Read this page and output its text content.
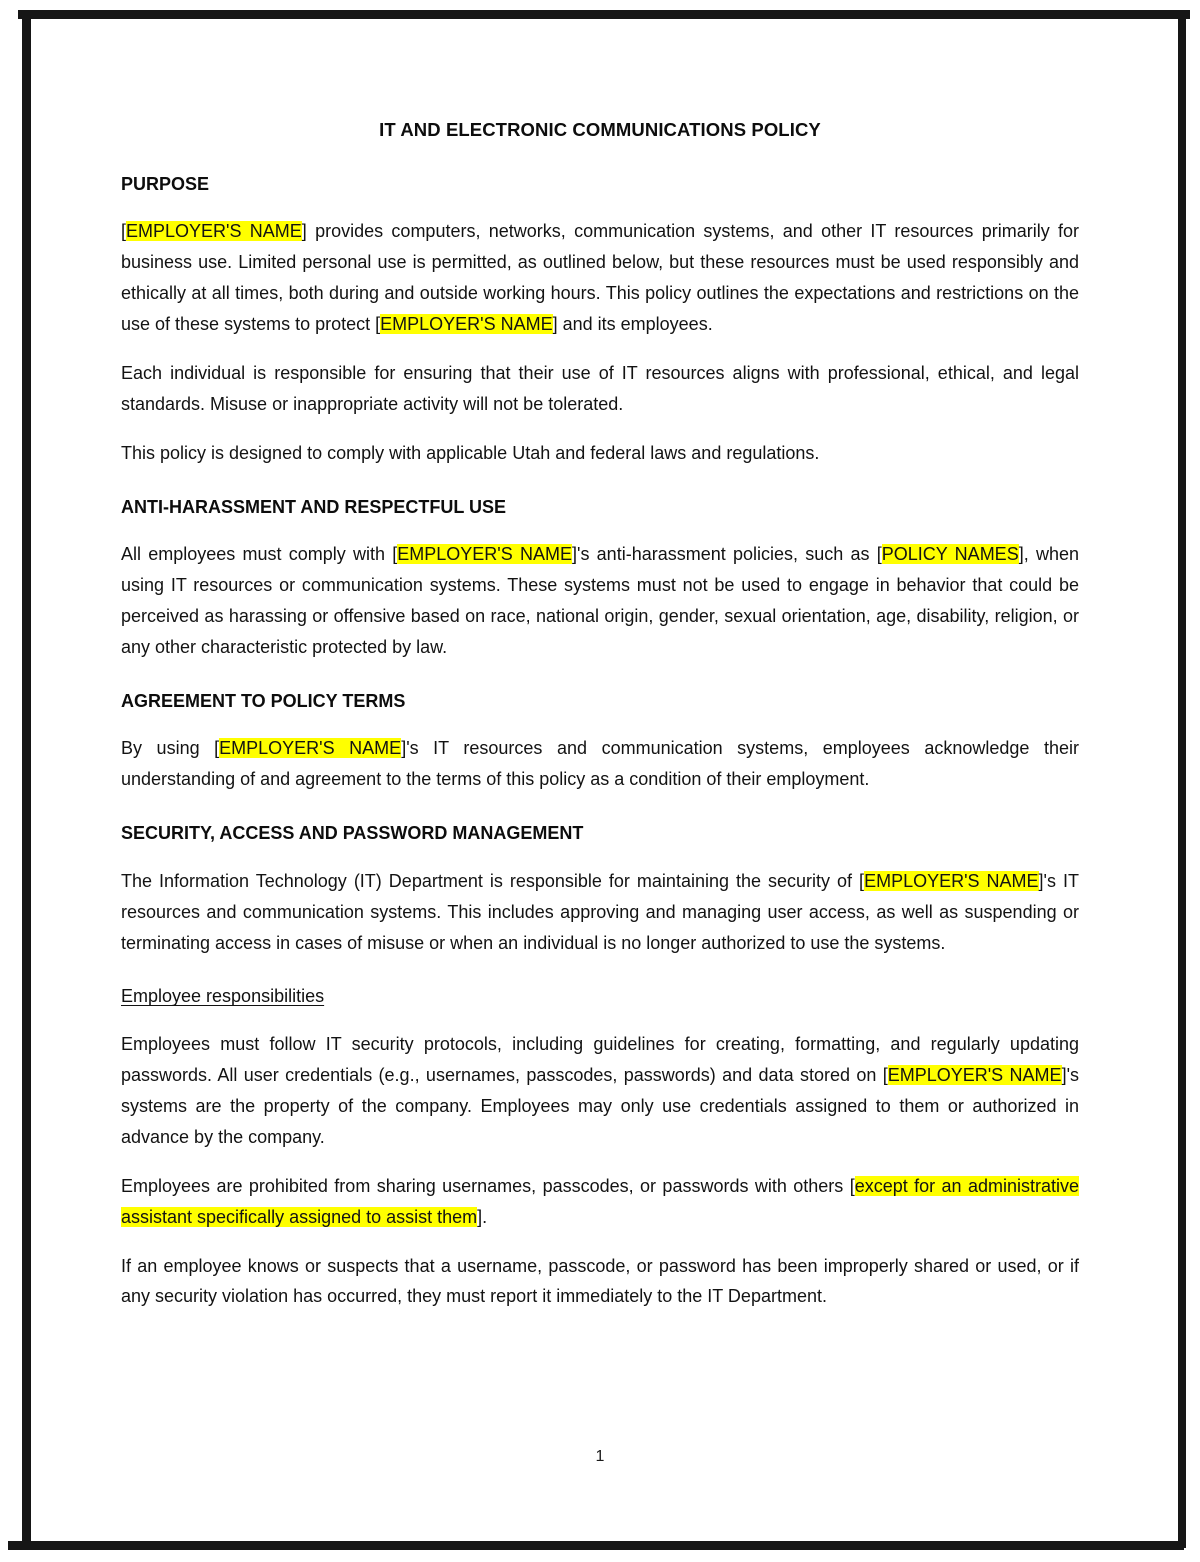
IT AND ELECTRONIC COMMUNICATIONS POLICY
PURPOSE

[EMPLOYER'S NAME] provides computers, networks, communication systems, and other IT resources primarily for business use. Limited personal use is permitted, as outlined below, but these resources must be used responsibly and ethically at all times, both during and outside working hours. This policy outlines the expectations and restrictions on the use of these systems to protect [EMPLOYER'S NAME] and its employees.

Each individual is responsible for ensuring that their use of IT resources aligns with professional, ethical, and legal standards. Misuse or inappropriate activity will not be tolerated.

This policy is designed to comply with applicable Utah and federal laws and regulations.

ANTI-HARASSMENT AND RESPECTFUL USE

All employees must comply with [EMPLOYER'S NAME]'s anti-harassment policies, such as [POLICY NAMES], when using IT resources or communication systems. These systems must not be used to engage in behavior that could be perceived as harassing or offensive based on race, national origin, gender, sexual orientation, age, disability, religion, or any other characteristic protected by law.

AGREEMENT TO POLICY TERMS

By using [EMPLOYER'S NAME]'s IT resources and communication systems, employees acknowledge their understanding of and agreement to the terms of this policy as a condition of their employment.

SECURITY, ACCESS AND PASSWORD MANAGEMENT

The Information Technology (IT) Department is responsible for maintaining the security of [EMPLOYER'S NAME]'s IT resources and communication systems. This includes approving and managing user access, as well as suspending or terminating access in cases of misuse or when an individual is no longer authorized to use the systems.

Employee responsibilities

Employees must follow IT security protocols, including guidelines for creating, formatting, and regularly updating passwords. All user credentials (e.g., usernames, passcodes, passwords) and data stored on [EMPLOYER'S NAME]'s systems are the property of the company. Employees may only use credentials assigned to them or authorized in advance by the company.

Employees are prohibited from sharing usernames, passcodes, or passwords with others [except for an administrative assistant specifically assigned to assist them].

If an employee knows or suspects that a username, passcode, or password has been improperly shared or used, or if any security violation has occurred, they must report it immediately to the IT Department.

1
